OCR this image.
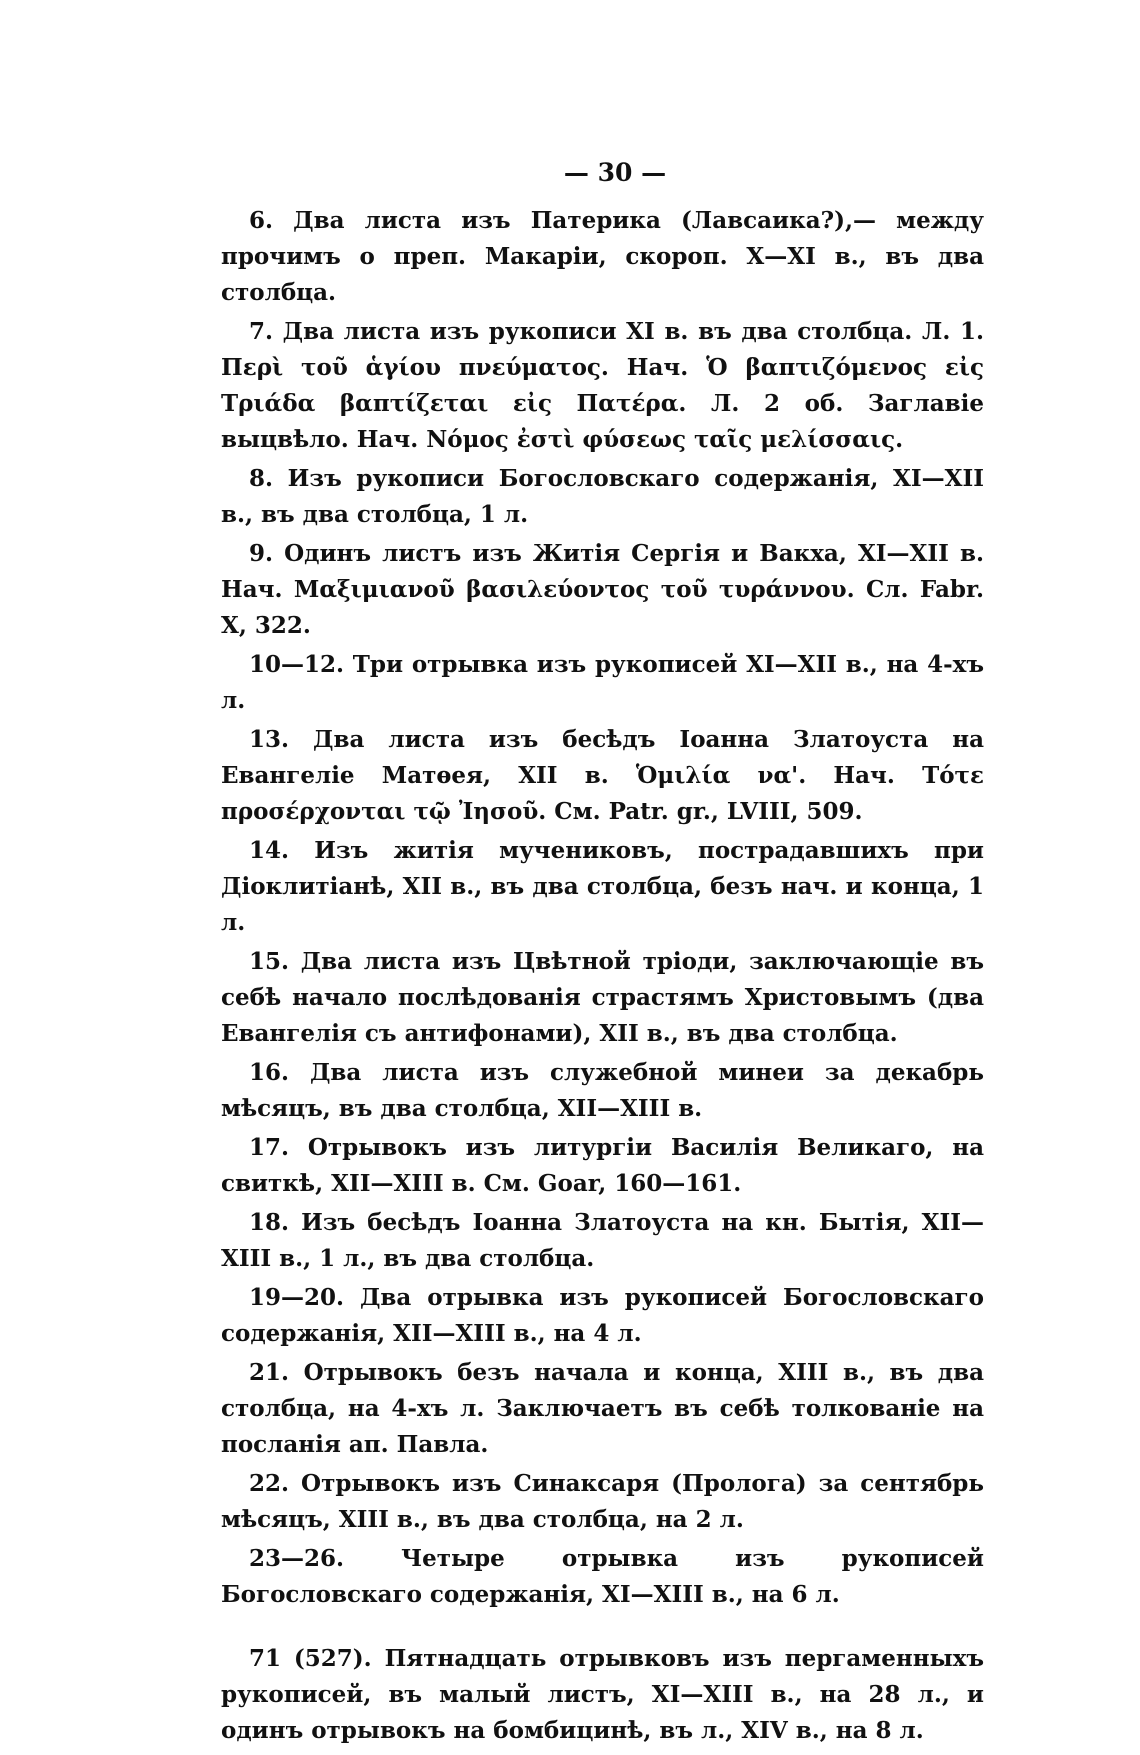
— 30 —

6. Два листа изъ Патерика (Лавсаика?),— между прочимъ о преп. Макаріи, скороп. X—XI в., въ два столбца.

7. Два листа изъ рукописи XI в. въ два столбца. Л. 1. Περὶ τοῦ ἁγίου πνεύματος. Нач. Ὁ βαπτιζόμενος εἰς Τριάδα βαπτίζεται εἰς Πατέρα. Л. 2 об. Заглавіе выцвѣло. Нач. Νόμος ἐστὶ φύσεως ταῖς μελίσσαις.

8. Изъ рукописи Богословскаго содержанія, XI—XII в., въ два столбца, 1 л.

9. Одинъ листъ изъ Житія Сергія и Вакха, XI—XII в. Нач. Μαξιμιανοῦ βασιλεύοντος τοῦ τυράννου. Сл. Fabr. X, 322.

10—12. Три отрывка изъ рукописей XI—XII в., на 4-хъ л.

13. Два листа изъ бесѣдъ Іоанна Златоуста на Евангеліе Матѳея, XII в. Ὁμιλία να'. Нач. Τότε προσέρχονται τῷ Ἰησοῦ. См. Patr. gr., LVIII, 509.

14. Изъ житія мучениковъ, пострадавшихъ при Діоклитіанѣ, XII в., въ два столбца, безъ нач. и конца, 1 л.

15. Два листа изъ Цвѣтной тріоди, заключающіе въ себѣ начало послѣдованія страстямъ Христовымъ (два Евангелія съ антифонами), XII в., въ два столбца.

16. Два листа изъ служебной минеи за декабрь мѣсяцъ, въ два столбца, XII—XIII в.

17. Отрывокъ изъ литургіи Василія Великаго, на свиткѣ, XII—XIII в. См. Goar, 160—161.

18. Изъ бесѣдъ Іоанна Златоуста на кн. Бытія, XII—XIII в., 1 л., въ два столбца.

19—20. Два отрывка изъ рукописей Богословскаго содержанія, XII—XIII в., на 4 л.

21. Отрывокъ безъ начала и конца, XIII в., въ два столбца, на 4-хъ л. Заключаетъ въ себѣ толкованіе на посланія ап. Павла.

22. Отрывокъ изъ Синаксаря (Пролога) за сентябрь мѣсяцъ, XIII в., въ два столбца, на 2 л.

23—26. Четыре отрывка изъ рукописей Богословскаго содержанія, XI—XIII в., на 6 л.

71 (527). Пятнадцать отрывковъ изъ пергаменныхъ рукописей, въ малый листъ, XI—XIII в., на 28 л., и одинъ отрывокъ на бомбицинѣ, въ л., XIV в., на 8 л.
